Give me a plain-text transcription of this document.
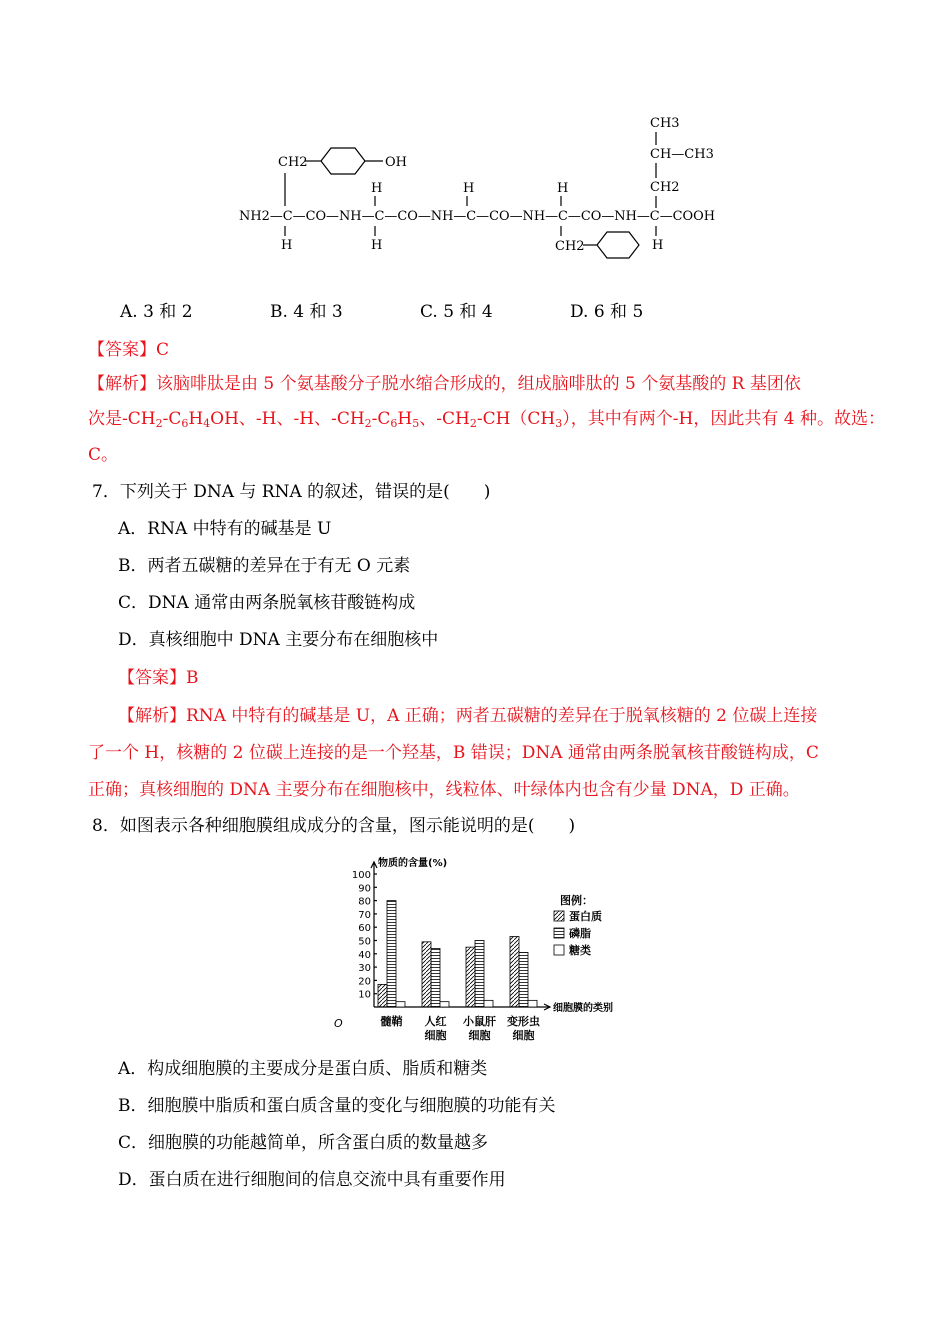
CH3
CH—CH3
CH2
CH2	OH
H	H	H
NH2—C—CO—NH—C—CO—NH—C—CO—NH—C—CO—NH—C—COOH
H	H	H
CH2
A. 3 和 2	B. 4 和 3	C. 5 和 4	D. 6 和 5
【答案】C
【解析】该脑啡肽是由 5 个氨基酸分子脱水缩合形成的，组成脑啡肽的 5 个氨基酸的 R 基团依
次是$-CH_2-C_6H_4OH$、-H、-H、$-CH_2-C_6H_5$、$-CH_2-CH(CH_3)$，其中有两个-H，因此共有 4 种。故选：
C。
7．下列关于 DNA 与 RNA 的叙述，错误的是(　　)
A．RNA 中特有的碱基是 U
B．两者五碳糖的差异在于有无 O 元素
C．DNA 通常由两条脱氧核苷酸链构成
D．真核细胞中 DNA 主要分布在细胞核中
【答案】B
【解析】RNA 中特有的碱基是 U，A 正确；两者五碳糖的差异在于脱氧核糖的 2 位碳上连接
了一个 H，核糖的 2 位碳上连接的是一个羟基，B 错误；DNA 通常由两条脱氧核苷酸链构成，C
正确；真核细胞的 DNA 主要分布在细胞核中，线粒体、叶绿体内也含有少量 DNA，D 正确。
8．如图表示各种细胞膜组成成分的含量，图示能说明的是(　　)
物质的含量(%)
细胞膜的类别
O
10
20
30
40
50
60
70
80
90
100
髓鞘 人红
细胞
小鼠肝
细胞
变形虫
细胞
图例：
蛋白质
磷脂
糖类
A．构成细胞膜的主要成分是蛋白质、脂质和糖类
B．细胞膜中脂质和蛋白质含量的变化与细胞膜的功能有关
C．细胞膜的功能越简单，所含蛋白质的数量越多
D．蛋白质在进行细胞间的信息交流中具有重要作用
